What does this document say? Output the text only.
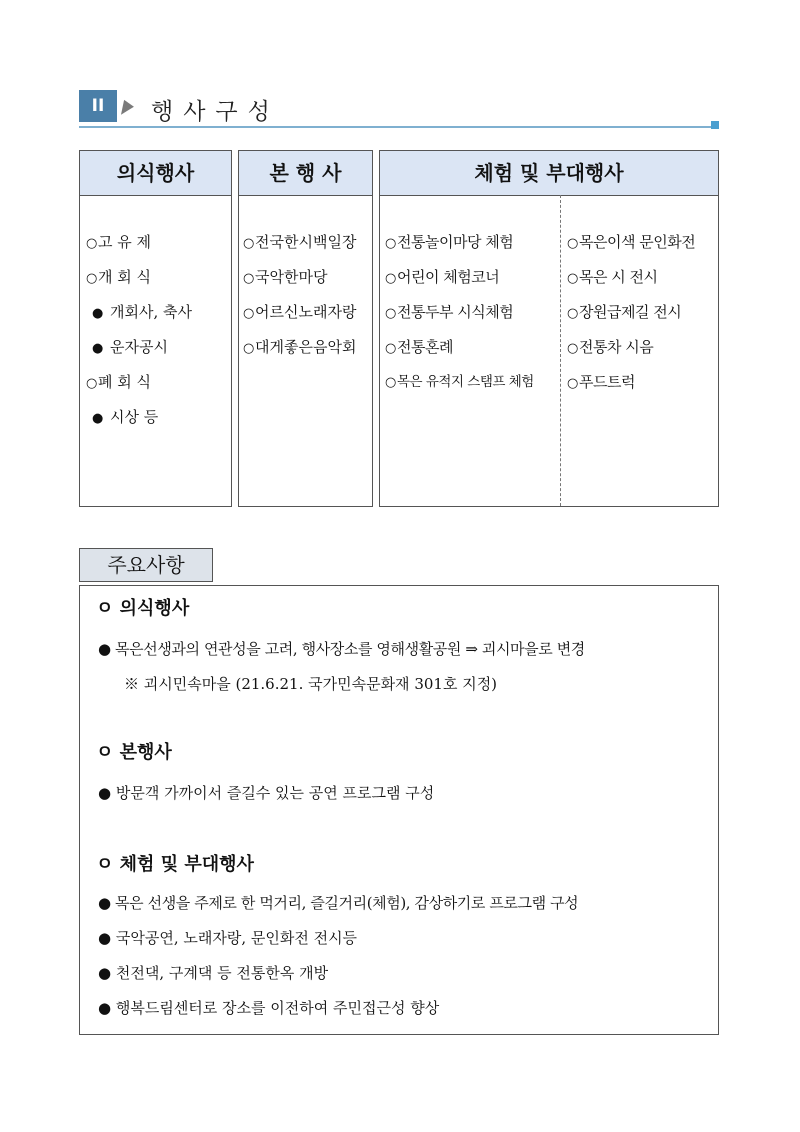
II	행사구성
의식행사
○고 유 제
○개 회 식
● 개회사, 축사
● 운자공시
○폐 회 식
● 시상 등
본 행 사
○전국한시백일장
○국악한마당
○어르신노래자랑
○대게좋은음악회
체험 및 부대행사
○전통놀이마당 체험
○어린이 체험코너
○전통두부 시식체험
○전통혼례
○목은 유적지 스탬프 체험
○목은이색 문인화전
○목은 시 전시
○장원급제길 전시
○전통차 시음
○푸드트럭
주요사항
ㅇ 의식행사
● 목은선생과의 연관성을 고려, 행사장소를 영해생활공원 ⇒ 괴시마을로 변경
※ 괴시민속마을 (21.6.21. 국가민속문화재 301호 지정)
ㅇ 본행사
● 방문객 가까이서 즐길수 있는 공연 프로그램 구성
ㅇ 체험 및 부대행사
● 목은 선생을 주제로 한 먹거리, 즐길거리(체험), 감상하기로 프로그램 구성
● 국악공연, 노래자랑, 문인화전 전시등
● 천전댁, 구계댁 등 전통한옥 개방
● 행복드림센터로 장소를 이전하여 주민접근성 향상
